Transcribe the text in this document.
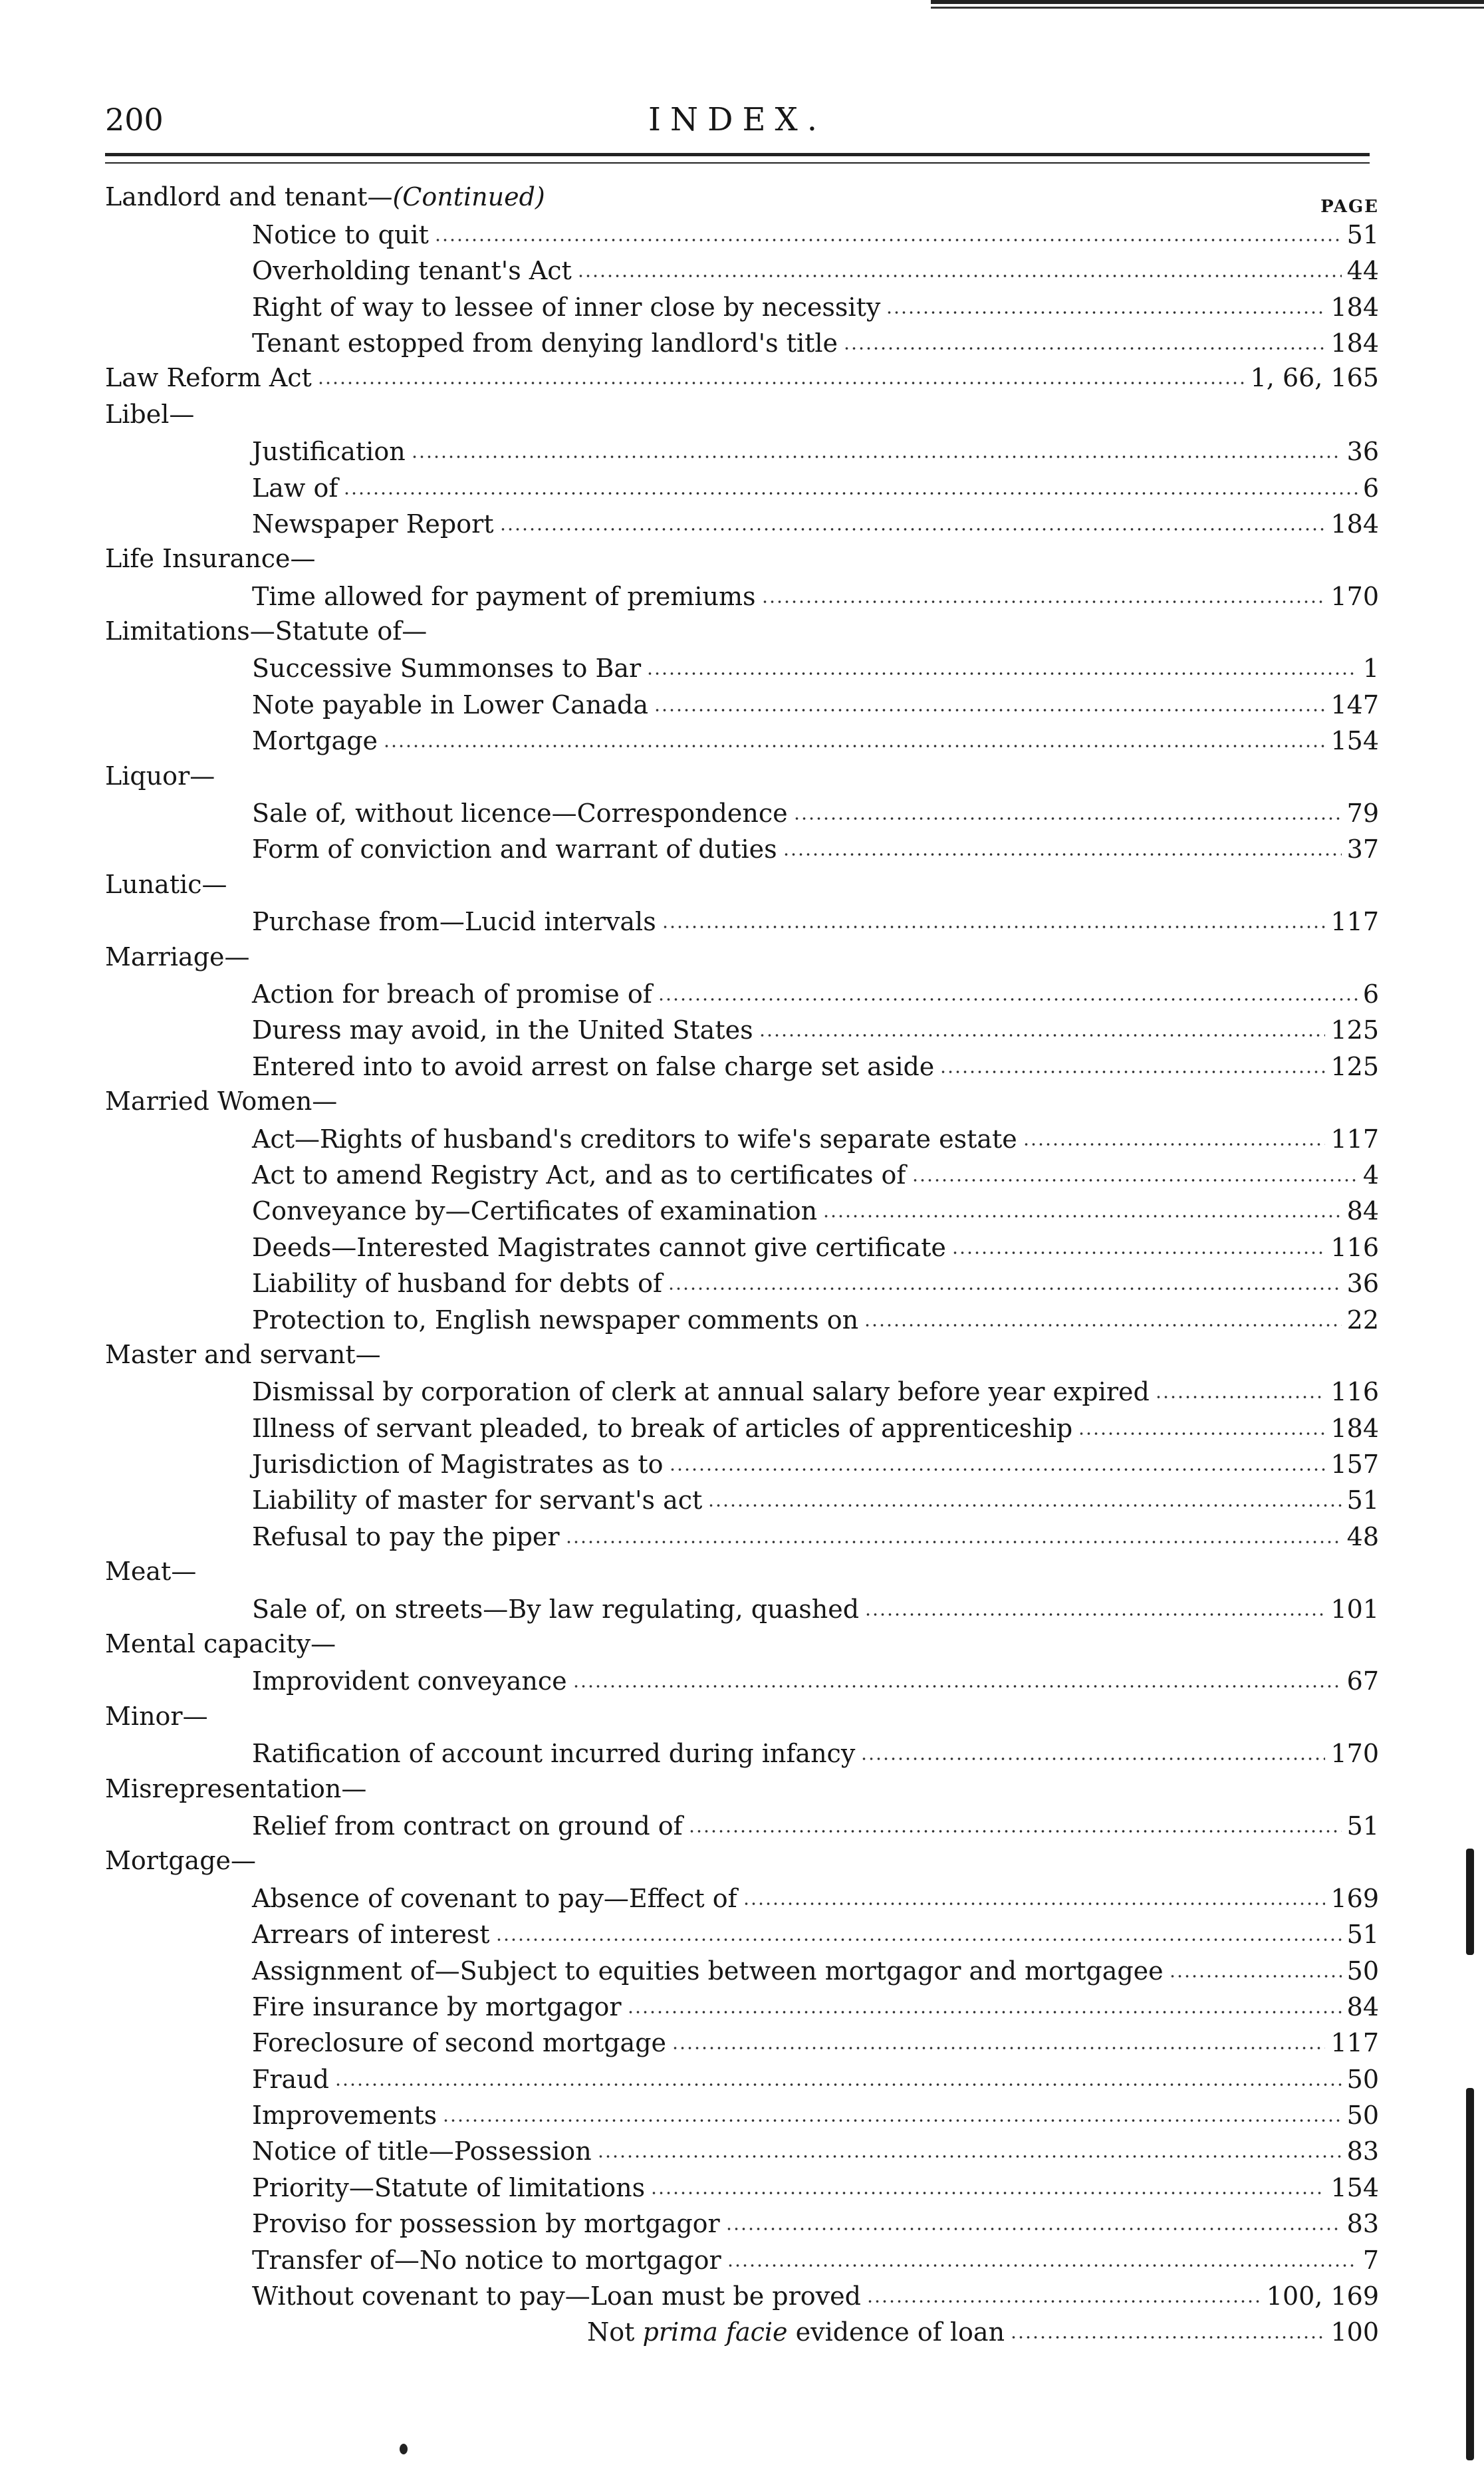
200	INDEX.
PAGE
Landlord and tenant—(Continued)
Notice to quit	51
Overholding tenant's Act	44
Right of way to lessee of inner close by necessity	184
Tenant estopped from denying landlord's title	184
Law Reform Act	1, 66, 165
Libel—
Justification	36
Law of	6
Newspaper Report	184
Life Insurance—
Time allowed for payment of premiums	170
Limitations—Statute of—
Successive Summonses to Bar	1
Note payable in Lower Canada	147
Mortgage	154
Liquor—
Sale of, without licence—Correspondence	79
Form of conviction and warrant of duties	37
Lunatic—
Purchase from—Lucid intervals	117
Marriage—
Action for breach of promise of	6
Duress may avoid, in the United States	125
Entered into to avoid arrest on false charge set aside	125
Married Women—
Act—Rights of husband's creditors to wife's separate estate	117
Act to amend Registry Act, and as to certificates of	4
Conveyance by—Certificates of examination	84
Deeds—Interested Magistrates cannot give certificate	116
Liability of husband for debts of	36
Protection to, English newspaper comments on	22
Master and servant—
Dismissal by corporation of clerk at annual salary before year expired	116
Illness of servant pleaded, to break of articles of apprenticeship	184
Jurisdiction of Magistrates as to	157
Liability of master for servant's act	51
Refusal to pay the piper	48
Meat—
Sale of, on streets—By law regulating, quashed	101
Mental capacity—
Improvident conveyance	67
Minor—
Ratification of account incurred during infancy	170
Misrepresentation—
Relief from contract on ground of	51
Mortgage—
Absence of covenant to pay—Effect of	169
Arrears of interest	51
Assignment of—Subject to equities between mortgagor and mortgagee	50
Fire insurance by mortgagor	84
Foreclosure of second mortgage	117
Fraud	50
Improvements	50
Notice of title—Possession	83
Priority—Statute of limitations	154
Proviso for possession by mortgagor	83
Transfer of—No notice to mortgagor	7
Without covenant to pay—Loan must be proved	100, 169
Not prima facie evidence of loan	100
